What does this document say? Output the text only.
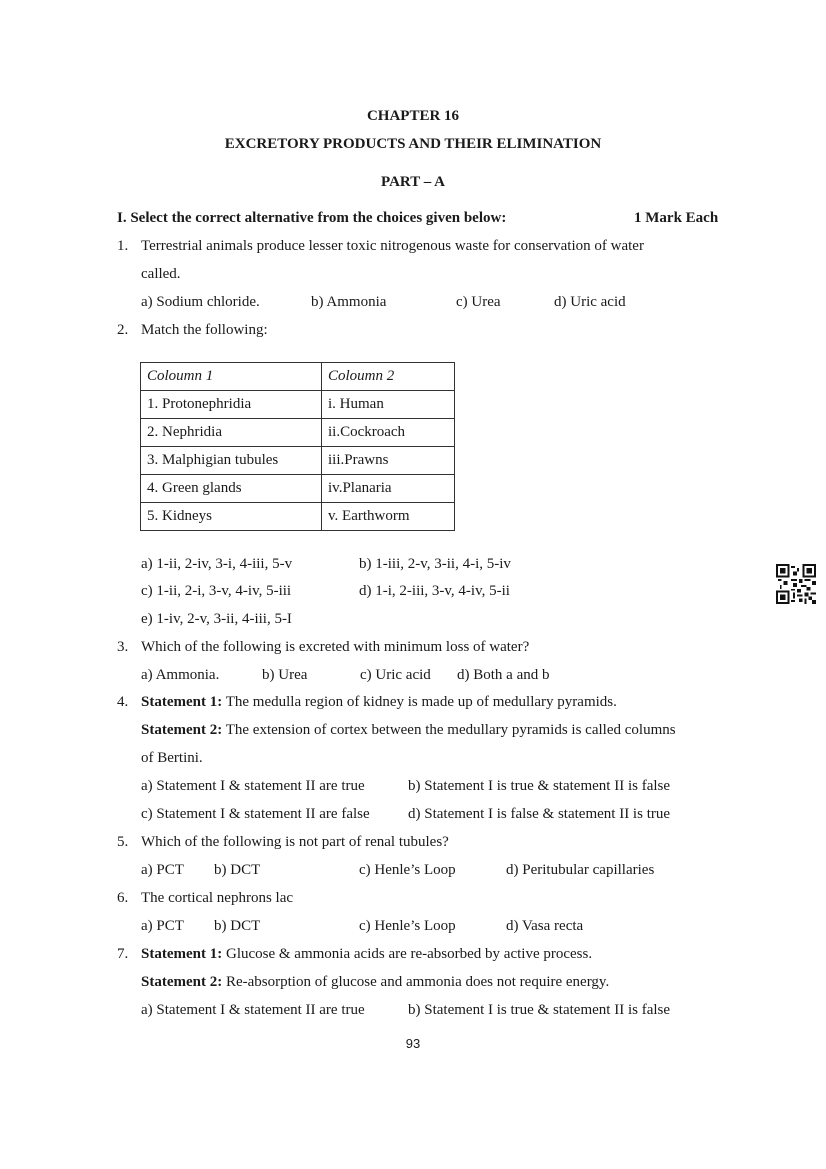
CHAPTER 16
EXCRETORY PRODUCTS AND THEIR ELIMINATION
PART – A
I. Select the correct alternative from the choices given below:	1 Mark Each
1. Terrestrial animals produce lesser toxic nitrogenous waste for conservation of water
called.
a) Sodium chloride.	b) Ammonia	c) Urea	d) Uric acid
2. Match the following:
Coloumn 1	Coloumn 2
1. Protonephridia	i. Human
2. Nephridia	ii.Cockroach
3. Malphigian tubules	iii.Prawns
4. Green glands	iv.Planaria
5. Kidneys	v. Earthworm
a) 1-ii, 2-iv, 3-i, 4-iii, 5-v	b) 1-iii, 2-v, 3-ii, 4-i, 5-iv
c) 1-ii, 2-i, 3-v, 4-iv, 5-iii	d) 1-i, 2-iii, 3-v, 4-iv, 5-ii
e) 1-iv, 2-v, 3-ii, 4-iii, 5-I
3. Which of the following is excreted with minimum loss of water?
a) Ammonia.	b) Urea	c) Uric acid d) Both a and b
4. Statement 1: The medulla region of kidney is made up of medullary pyramids.
Statement 2: The extension of cortex between the medullary pyramids is called columns
of Bertini.
a) Statement I & statement II are true	b) Statement I is true & statement II is false
c) Statement I & statement II are false	d) Statement I is false & statement II is true
5. Which of the following is not part of renal tubules?
a) PCT b) DCT	c) Henle’s Loop	d) Peritubular capillaries
6. The cortical nephrons lac
a) PCT b) DCT	c) Henle’s Loop	d) Vasa recta
7. Statement 1: Glucose & ammonia acids are re-absorbed by active process.
Statement 2: Re-absorption of glucose and ammonia does not require energy.
a) Statement I & statement II are true	b) Statement I is true & statement II is false
93
